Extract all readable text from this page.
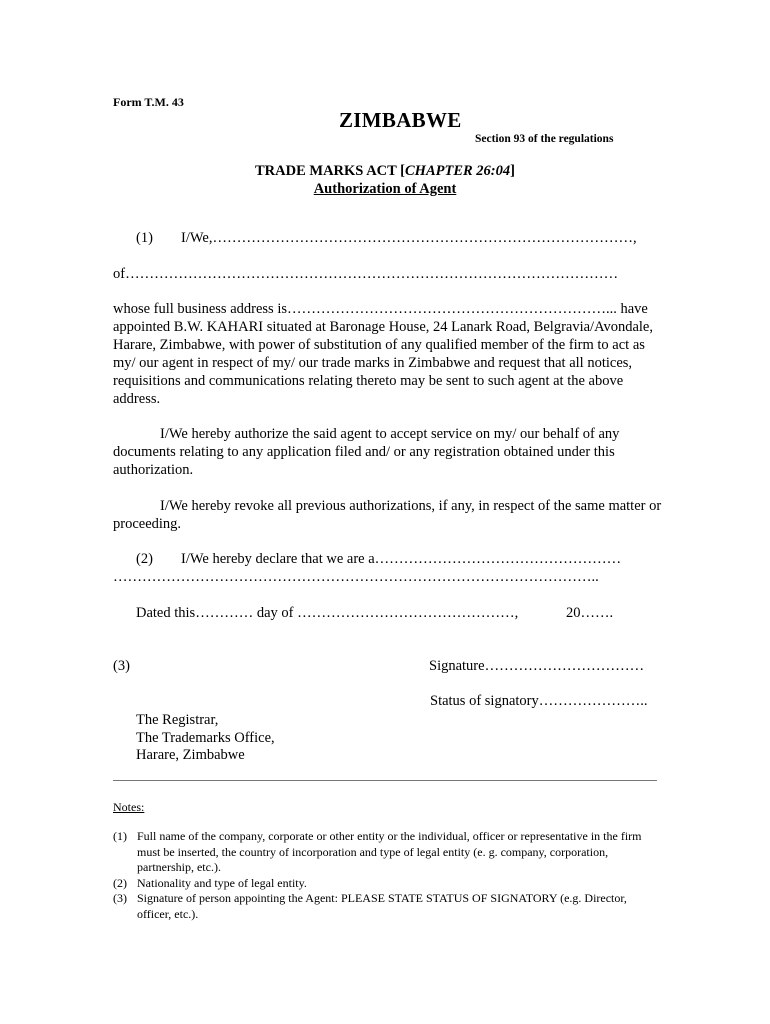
Form T.M. 43
ZIMBABWE
Section 93 of the regulations
TRADE MARKS ACT [CHAPTER 26:04]
Authorization of Agent
(1) I/We,……………………………………………………………………………,
of…………………………………………………………………………………………
whose full business address is…………………………………………………………... have appointed B.W. KAHARI situated at Baronage House, 24 Lanark Road, Belgravia/Avondale, Harare, Zimbabwe, with power of substitution of any qualified member of the firm to act as my/ our agent in respect of my/ our trade marks in Zimbabwe and request that all notices, requisitions and communications relating thereto may be sent to such agent at the above address.
I/We hereby authorize the said agent to accept service on my/ our behalf of any documents relating to any application filed and/ or any registration obtained under this authorization.
I/We hereby revoke all previous authorizations, if any, in respect of the same matter or proceeding.
(2) I/We hereby declare that we are a……………………………………………
………………………………………………………………………………………..
Dated this………… day of ………………………………………,	20…….
(3)	Signature……………………………
Status of signatory…………………..
The Registrar,
The Trademarks Office,
Harare, Zimbabwe
Notes:
(1) Full name of the company, corporate or other entity or the individual, officer or representative in the firm must be inserted, the country of incorporation and type of legal entity (e. g. company, corporation, partnership, etc.).
(2) Nationality and type of legal entity.
(3) Signature of person appointing the Agent: PLEASE STATE STATUS OF SIGNATORY (e.g. Director, officer, etc.).
